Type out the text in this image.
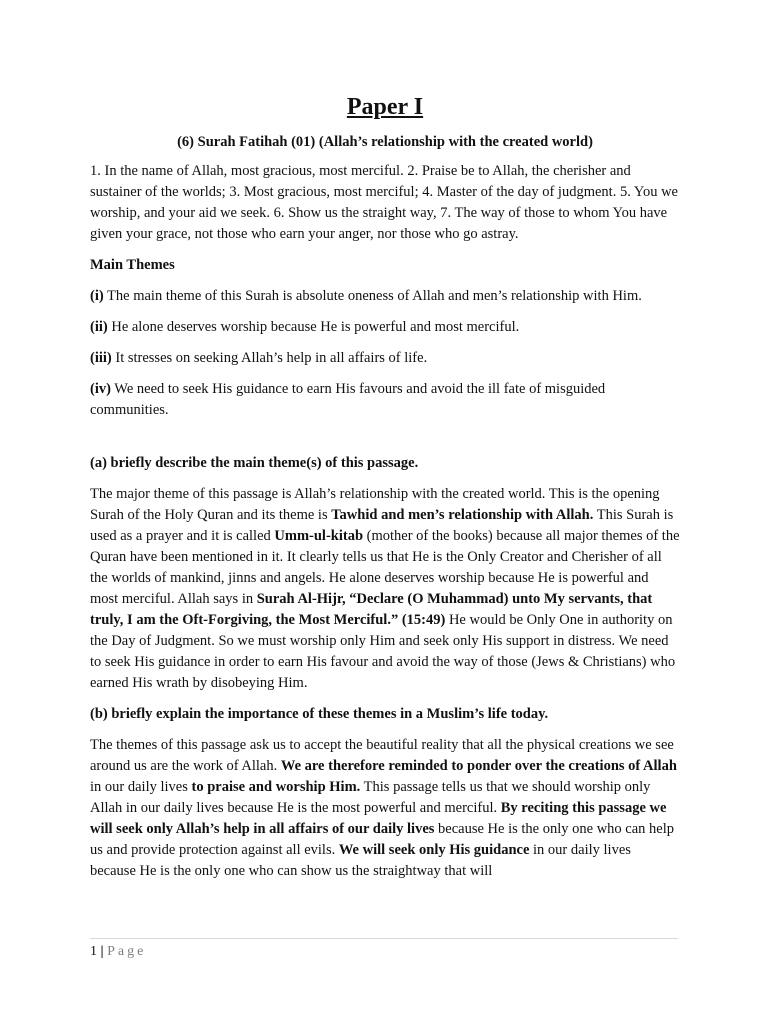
Paper I
(6) Surah Fatihah (01) (Allah’s relationship with the created world)

1. In the name of Allah, most gracious, most merciful. 2. Praise be to Allah, the cherisher and sustainer of the worlds; 3. Most gracious, most merciful; 4. Master of the day of judgment. 5. You we worship, and your aid we seek. 6. Show us the straight way, 7. The way of those to whom You have given your grace, not those who earn your anger, nor those who go astray.

Main Themes

(i) The main theme of this Surah is absolute oneness of Allah and men’s relationship with Him.

(ii) He alone deserves worship because He is powerful and most merciful.

(iii) It stresses on seeking Allah’s help in all affairs of life.

(iv) We need to seek His guidance to earn His favours and avoid the ill fate of misguided communities.

(a) briefly describe the main theme(s) of this passage.

The major theme of this passage is Allah’s relationship with the created world. This is the opening Surah of the Holy Quran and its theme is Tawhid and men’s relationship with Allah. This Surah is used as a prayer and it is called Umm-ul-kitab (mother of the books) because all major themes of the Quran have been mentioned in it. It clearly tells us that He is the Only Creator and Cherisher of all the worlds of mankind, jinns and angels. He alone deserves worship because He is powerful and most merciful. Allah says in Surah Al-Hijr, “Declare (O Muhammad) unto My servants, that truly, I am the Oft-Forgiving, the Most Merciful.” (15:49) He would be Only One in authority on the Day of Judgment. So we must worship only Him and seek only His support in distress. We need to seek His guidance in order to earn His favour and avoid the way of those (Jews & Christians) who earned His wrath by disobeying Him.

(b) briefly explain the importance of these themes in a Muslim’s life today.

The themes of this passage ask us to accept the beautiful reality that all the physical creations we see around us are the work of Allah. We are therefore reminded to ponder over the creations of Allah in our daily lives to praise and worship Him. This passage tells us that we should worship only Allah in our daily lives because He is the most powerful and merciful. By reciting this passage we will seek only Allah’s help in all affairs of our daily lives because He is the only one who can help us and provide protection against all evils. We will seek only His guidance in our daily lives because He is the only one who can show us the straightway that will

1 | Page
